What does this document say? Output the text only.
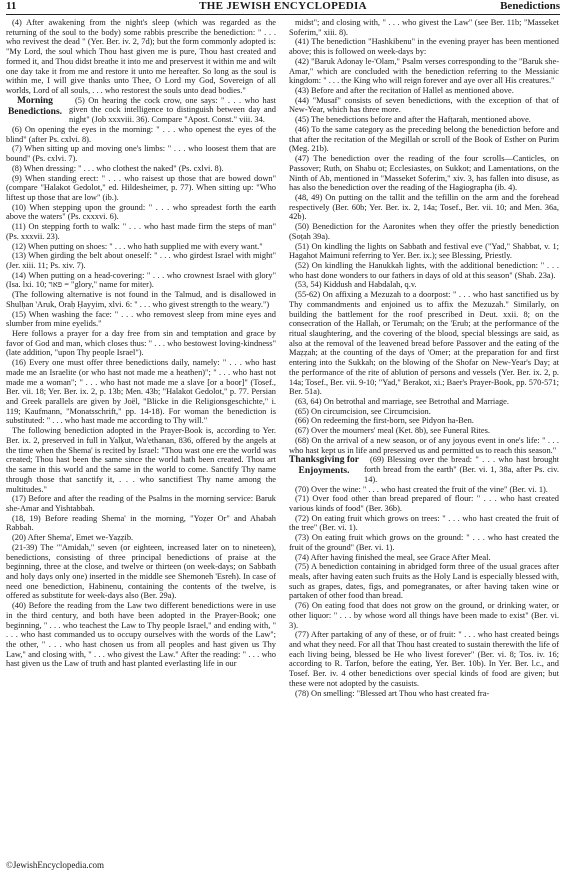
11	THE JEWISH ENCYCLOPEDIA	Benedictions

(4) After awakening from the night's sleep (which was regarded as the returning of the soul to the body) some rabbis prescribe the benediction: " . . . who revivest the dead " (Yer. Ber. iv. 2, 7d); but the form commonly adopted is: "My Lord, the soul which Thou hast given me is pure, Thou hast created and formed it, and Thou didst breathe it into me and preservest it within me and wilt one day take it from me and restore it unto me hereafter. So long as the soul is within me, I will give thanks unto Thee, O Lord my God, Sovereign of all worlds, Lord of all souls, . . . who restorest the souls unto dead bodies."

Morning Benedictions.

(5) On hearing the cock crow, one says: " . . . who hast given the cock intelligence to distinguish between day and night" (Job xxxviii. 36). Compare "Apost. Const." viii. 34.

(6) On opening the eyes in the morning: " . . . who openest the eyes of the blind" (after Ps. cxlvi. 8).

(7) When sitting up and moving one's limbs: " . . . who loosest them that are bound" (Ps. cxlvi. 7).

(8) When dressing: " . . . who clothest the naked" (Ps. cxlvi. 8).

(9) When standing erect: " . . . who raisest up those that are bowed down" (compare "Halakot Gedolot," ed. Hildesheimer, p. 77). When sitting up: "Who liftest up those that are low" (ib.).

(10) When stepping upon the ground: " . . . who spreadest forth the earth above the waters" (Ps. cxxxvi. 6).

(11) On stepping forth to walk: " . . . who hast made firm the steps of man" (Ps. xxxvii. 23).

(12) When putting on shoes: " . . . who hath supplied me with every want."

(13) When girding the belt about oneself: " . . . who girdest Israel with might" (Jer. xiii. 11; Ps. xiv. 7).

(14) When putting on a head-covering: " . . . who crownest Israel with glory" (Isa. lxi. 10; פאר = "glory," name for miter).

(The following alternative is not found in the Talmud, and is disallowed in Shulḥan 'Aruk, Oraḥ Ḥayyim, xlvi. 6: " . . . who givest strength to the weary.")

(15) When washing the face: " . . . who removest sleep from mine eyes and slumber from mine eyelids."

Here follows a prayer for a day free from sin and temptation and grace by favor of God and man, which closes thus: " . . . who bestowest loving-kindness" (late addition, "upon Thy people Israel").

(16) Every one must offer three benedictions daily, namely: " . . . who hast made me an Israelite (or who hast not made me a heathen)"; " . . . who hast not made me a woman"; " . . . who hast not made me a slave [or a boor]" (Tosef., Ber. vii. 18; Yer. Ber. ix. 2, p. 13b; Men. 43b; "Halakot Gedolot," p. 77. Persian and Greek parallels are given by Joël, "Blicke in die Religionsgeschichte," i. 119; Kaufmann, "Monatsschrift," pp. 14-18). For woman the benediction is substituted: " . . . who hast made me according to Thy will."

The following benediction adopted in the Prayer-Book is, according to Yer. Ber. ix. 2, preserved in full in Yalḳut, Wa'ethanan, 836, offered by the angels at the time when the Shema' is recited by Israel: "Thou wast one ere the world was created; Thou hast been the same since the world hath been created. Thou art the same in this world and the same in the world to come. Sanctify Thy name through those that sanctify it, . . . who sanctifiest Thy name among the multitudes."

(17) Before and after the reading of the Psalms in the morning service: Baruk she-Amar and Yishtabbah.

(18, 19) Before reading Shema' in the morning, "Yoẓer Or" and Ahabah Rabbah.

(20) After Shema', Emet we-Yaẓẓib.

(21-39) The "'Amidah," seven (or eighteen, increased later on to nineteen), benedictions, consisting of three principal benedictions of praise at the beginning, three at the close, and twelve or thirteen (on week-days; on Sabbath and holy days only one) inserted in the middle see Shemoneh 'Esreh). In case of need one benediction, Habinenu, containing the contents of the twelve, is offered as substitute for week-days also (Ber. 29a).

(40) Before the reading from the Law two different benedictions were in use in the third century, and both have been adopted in the Prayer-Book; one beginning, " . . . who teachest the Law to Thy people Israel," and ending with, " . . . who hast commanded us to occupy ourselves with the words of the Law"; the other, " . . . who hast chosen us from all peoples and hast given us Thy Law," and closing with, " . . . who givest the Law." After the reading: " . . . who hast given us the Law of truth and hast planted everlasting life in our

midst"; and closing with, " . . . who givest the Law" (see Ber. 11b; "Masseket Soferim," xiii. 8).

(41) The benediction "Hashkibenu" in the evening prayer has been mentioned above; this is followed on week-days by:

(42) "Baruk Adonay le-'Olam," Psalm verses corresponding to the "Baruk she-Amar," which are concluded with the benediction referring to the Messianic kingdom: " . . . the King who will reign forever and aye over all His creatures."

(43) Before and after the recitation of Hallel as mentioned above.

(44) "Musaf" consists of seven benedictions, with the exception of that of New-Year, which has three more.

(45) The benedictions before and after the Hafṭarah, mentioned above.

(46) To the same category as the preceding belong the benediction before and that after the recitation of the Megillah or scroll of the Book of Esther on Purim (Meg. 21b).

(47) The benediction over the reading of the four scrolls—Canticles, on Passover; Ruth, on Shabu ot; Ecclesiastes, on Sukkot; and Lamentations, on the Ninth of Ab, mentioned in "Masseket Soferim," xiv. 3, has fallen into disuse, as has also the benediction over the reading of the Hagiographa (ib. 4).

(48, 49) On putting on the tallit and the tefillin on the arm and the forehead respectively (Ber. 60b; Yer. Ber. ix. 2, 14a; Tosef., Ber. vii. 10; and Men. 36a, 42b).

(50) Benediction for the Aaronites when they offer the priestly benediction (Soṭah 39a).

(51) On kindling the lights on Sabbath and festival eve ("Yad," Shabbat, v. 1; Hagahot Maimuni referring to Yer. Ber. ix.); see Blessing, Priestly.

(52) On kindling the Hanukkah lights, with the additional benediction: " . . . who hast done wonders to our fathers in days of old at this season" (Shab. 23a).

(53, 54) Kiddush and Habdalah, q.v.

(55-62) On affixing a Mezuzah to a doorpost: " . . . who hast sanctified us by Thy commandments and enjoined us to affix the Mezuzah." Similarly, on building the battlement for the roof prescribed in Deut. xxii. 8; on the consecration of the Hallah, or Terumah; on the 'Erub; at the performance of the ritual slaughtering, and the covering of the blood, special blessings are said, as also at the removal of the leavened bread before Passover and the eating of the Maẓẓah; at the counting of the days of 'Omer; at the preparation for and first entering into the Sukkah; on the blowing of the Shofar on New-Year's Day; at the performance of the rite of ablution of persons and vessels (Yer. Ber. ix. 2, p. 14a; Tosef., Ber. vii. 9-10; "Yad," Berakot, xi.; Baer's Prayer-Book, pp. 570-571; Ber. 51a).

(63, 64) On betrothal and marriage, see Betrothal and Marriage.

(65) On circumcision, see Circumcision.

(66) On redeeming the first-born, see Pidyon ha-Ben.

(67) Over the mourners' meal (Ket. 8b), see Funeral Rites.

(68) On the arrival of a new season, or of any joyous event in one's life: " . . . who hast kept us in life and preserved us and permitted us to reach this season."

Thanksgiving for Enjoyments.

(69) Blessing over the bread: " . . . who hast brought forth bread from the earth" (Ber. vi. 1, 38a, after Ps. civ. 14).

(70) Over the wine: " . . . who hast created the fruit of the vine" (Ber. vi. 1).

(71) Over food other than bread prepared of flour: " . . . who hast created various kinds of food" (Ber. 36b).

(72) On eating fruit which grows on trees: " . . . who hast created the fruit of the tree" (Ber. vi. 1).

(73) On eating fruit which grows on the ground: " . . . who hast created the fruit of the ground" (Ber. vi. 1).

(74) After having finished the meal, see Grace After Meal.

(75) A benediction containing in abridged form three of the usual graces after meals, after having eaten such fruits as the Holy Land is especially blessed with, such as grapes, dates, figs, and pomegranates, or after having taken wine or partaken of other food than bread.

(76) On eating food that does not grow on the ground, or drinking water, or other liquor: " . . . by whose word all things have been made to exist" (Ber. vi. 3).

(77) After partaking of any of these, or of fruit: " . . . who hast created beings and what they need. For all that Thou hast created to sustain therewith the life of each living being, blessed be He who livest forever" (Ber. vi. 8; Tos. iv. 16; according to R. Tarfon, before the eating, Yer. Ber. 10b). In Yer. Ber. l.c., and Tosef. Ber. iv. 4 other benedictions over special kinds of food are given; but these were not adopted by the casuists.

(78) On smelling: "Blessed art Thou who hast created fra-

©JewishEncyclopedia.com
